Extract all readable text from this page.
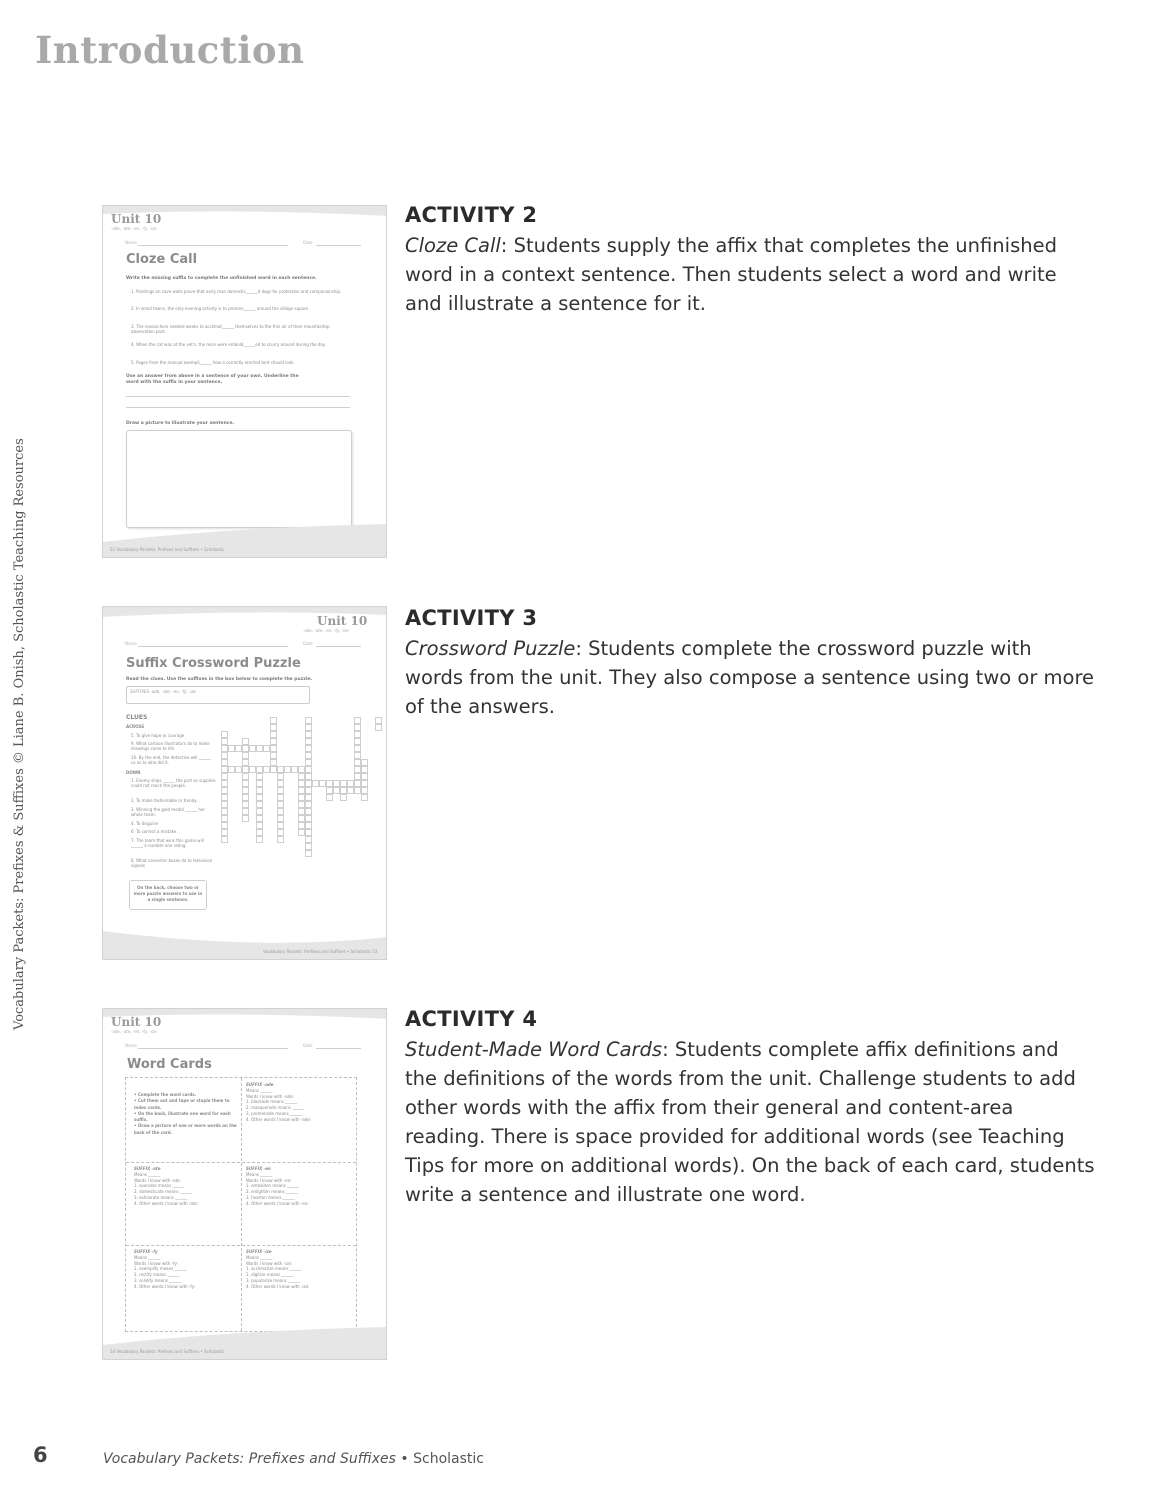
Introduction
Vocabulary Packets: Prefixes & Suffixes © Liane B. Onish, Scholastic Teaching Resources
Unit 10
-ade, -ate, -en, -fy, -ize
Name	Date
Cloze Call
Write the missing suffix to complete the unfinished word in each sentence.
1. Paintings on cave walls prove that early man domestic______d dogs for protection and companionship.
2. In small towns, the only evening activity is to promen______ around the village square.
3. The researchers needed weeks to acclimat______ themselves to the thin air of their mountaintop observation post.
4. When the cat was at the vet's, the mice were embold______ed to scurry around during the day.
5. Pages from the manual exempli______ how a correctly erected tent should look.
Use an answer from above in a sentence of your own. Underline the word with the suffix in your sentence.
Draw a picture to illustrate your sentence.
52 Vocabulary Packets: Prefixes and Suffixes • Scholastic
Unit 10
-ade, -ate, -en, -fy, -ize
Name	Date
Suffix Crossword Puzzle
Read the clues. Use the suffixes in the box below to complete the puzzle.
SUFFIXES -ade, -ate, -en, -fy, -ize
CLUES
ACROSS
5. To give hope or courage
9. What cartoon illustrators do to make drawings come to life
10. By the end, the detective will ______ us as to who did it.
DOWN
1. Enemy ships ______ the port so supplies could not reach the people.
2. To make fashionable or trendy.
3. Winning the gold medal ______ her whole team.
4. To disguise
6. To correct a mistake.
7. The team that wins this game will ______ a number one rating.
8. What converter boxes do to television signals
On the back, choose two or more puzzle answers to use in a single sentence.
Vocabulary Packets: Prefixes and Suffixes • Scholastic 53
Unit 10
-ade, -ate, -en, -fy, -ize
Name	Date
Word Cards
• Complete the word cards.
• Cut them out and tape or staple them to index cards.
• On the back, illustrate one word for each suffix.
• Draw a picture of one or more words on the back of the card.
SUFFIX -ade
Means ______
Words I know with -ade:
1. blockade means ______
2. masquerade means ______
3. promenade means ______
4. Other words I know with -ade:
SUFFIX -ate
Means ______
Words I know with -ate:
1. oversate means ______
2. domesticate means ______
3. exhilarate means ______
4. Other words I know with -ate:
SUFFIX -en
Means ______
Words I know with -en:
1. embolden means ______
2. enlighten means ______
3. hearten means ______
4. Other words I know with -en:
SUFFIX -fy
Means ______
Words I know with -fy:
1. exemplify means ______
2. rectify means ______
3. solidify means ______
4. Other words I know with -fy:
SUFFIX -ize
Means ______
Words I know with -ize:
1. acclimatize means ______
2. digitize means ______
3. popularize means ______
4. Other words I know with -ize:
54 Vocabulary Packets: Prefixes and Suffixes • Scholastic
ACTIVITY 2

Cloze Call: Students supply the affix that completes the unfinished word in a context sentence. Then students select a word and write and illustrate a sentence for it.

ACTIVITY 3

Crossword Puzzle: Students complete the crossword puzzle with words from the unit. They also compose a sentence using two or more of the answers.

ACTIVITY 4

Student-Made Word Cards: Students complete affix definitions and the definitions of the words from the unit. Challenge students to add other words with the affix from their general and content-area reading. There is space provided for additional words (see Teaching Tips for more on additional words). On the back of each card, students write a sentence and illustrate one word.

6	Vocabulary Packets: Prefixes and Suffixes • Scholastic
